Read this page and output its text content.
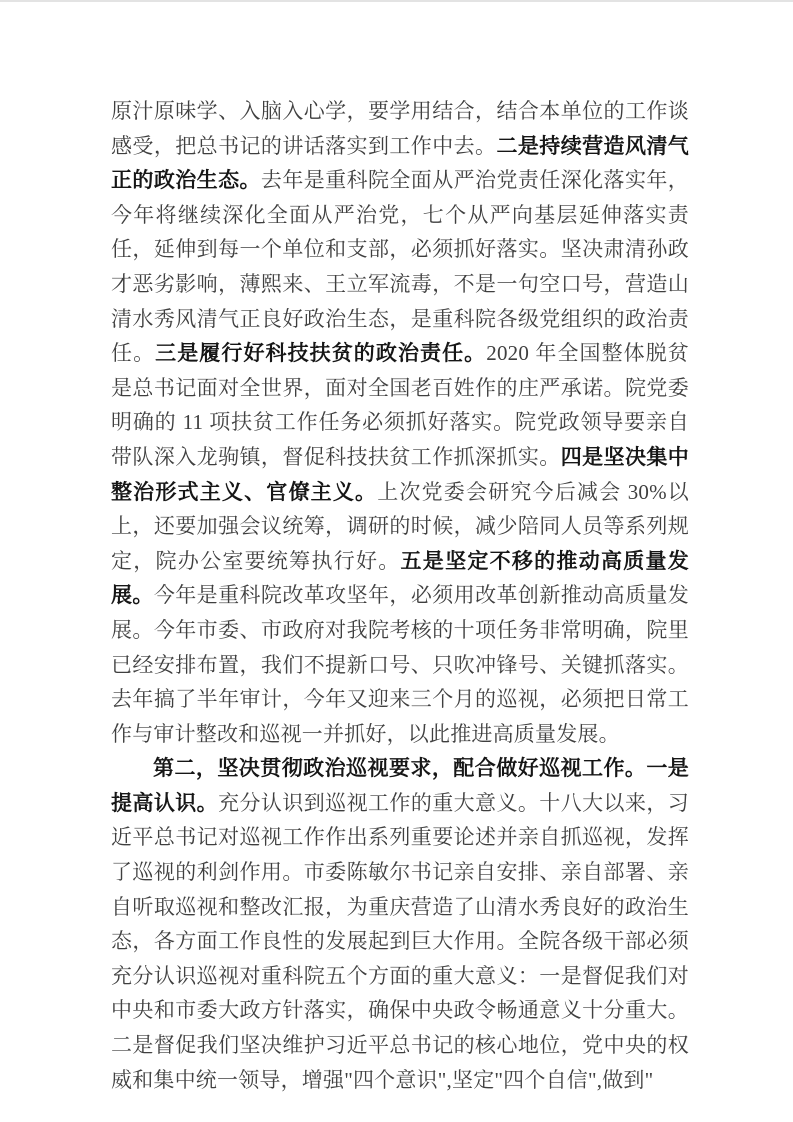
原汁原味学、入脑入心学，要学用结合，结合本单位的工作谈感受，把总书记的讲话落实到工作中去。二是持续营造风清气正的政治生态。去年是重科院全面从严治党责任深化落实年，今年将继续深化全面从严治党，七个从严向基层延伸落实责任，延伸到每一个单位和支部，必须抓好落实。坚决肃清孙政才恶劣影响，薄熙来、王立军流毒，不是一句空口号，营造山清水秀风清气正良好政治生态，是重科院各级党组织的政治责任。三是履行好科技扶贫的政治责任。2020 年全国整体脱贫是总书记面对全世界，面对全国老百姓作的庄严承诺。院党委明确的 11 项扶贫工作任务必须抓好落实。院党政领导要亲自带队深入龙驹镇，督促科技扶贫工作抓深抓实。四是坚决集中整治形式主义、官僚主义。上次党委会研究今后减会 30%以上，还要加强会议统筹，调研的时候，减少陪同人员等系列规定，院办公室要统筹执行好。五是坚定不移的推动高质量发展。今年是重科院改革攻坚年，必须用改革创新推动高质量发展。今年市委、市政府对我院考核的十项任务非常明确，院里已经安排布置，我们不提新口号、只吹冲锋号、关键抓落实。去年搞了半年审计，今年又迎来三个月的巡视，必须把日常工作与审计整改和巡视一并抓好，以此推进高质量发展。

第二，坚决贯彻政治巡视要求，配合做好巡视工作。一是提高认识。充分认识到巡视工作的重大意义。十八大以来，习近平总书记对巡视工作作出系列重要论述并亲自抓巡视，发挥了巡视的利剑作用。市委陈敏尔书记亲自安排、亲自部署、亲自听取巡视和整改汇报，为重庆营造了山清水秀良好的政治生态，各方面工作良性的发展起到巨大作用。全院各级干部必须充分认识巡视对重科院五个方面的重大意义：一是督促我们对中央和市委大政方针落实，确保中央政令畅通意义十分重大。二是督促我们坚决维护习近平总书记的核心地位，党中央的权威和集中统一领导，增强"四个意识",坚定"四个自信",做到"
